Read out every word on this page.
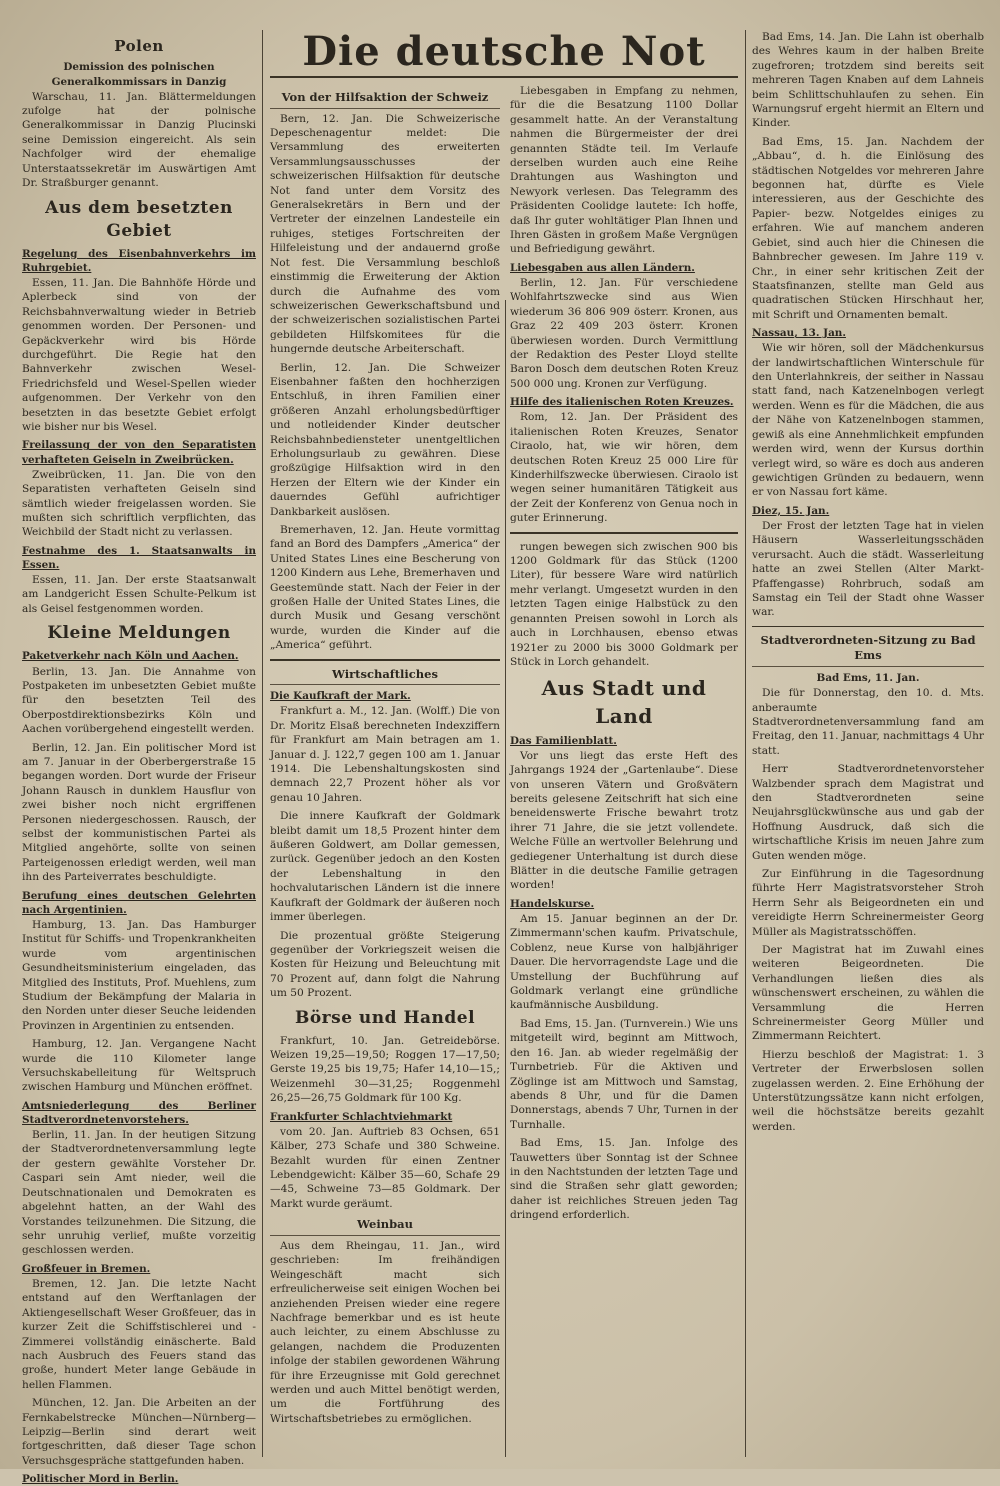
Die deutsche Not
Polen
Demission des polnischen Generalkommissars in Danzig

Warschau, 11. Jan. Blättermeldungen zufolge hat der polnische Generalkommissar in Danzig Plucinski seine Demission eingereicht. Als sein Nachfolger wird der ehemalige Unterstaatssekretär im Auswärtigen Amt Dr. Straßburger genannt.

Aus dem besetzten Gebiet
Regelung des Eisenbahnverkehrs im Ruhrgebiet.

Essen, 11. Jan. Die Bahnhöfe Hörde und Aplerbeck sind von der Reichsbahnverwaltung wieder in Betrieb genommen worden. Der Personen- und Gepäckverkehr wird bis Hörde durchgeführt. Die Regie hat den Bahnverkehr zwischen Wesel-Friedrichsfeld und Wesel-Spellen wieder aufgenommen. Der Verkehr von den besetzten in das besetzte Gebiet erfolgt wie bisher nur bis Wesel.

Freilassung der von den Separatisten verhafteten Geiseln in Zweibrücken.

Zweibrücken, 11. Jan. Die von den Separatisten verhafteten Geiseln sind sämtlich wieder freigelassen worden. Sie mußten sich schriftlich verpflichten, das Weichbild der Stadt nicht zu verlassen.

Festnahme des 1. Staatsanwalts in Essen.

Essen, 11. Jan. Der erste Staatsanwalt am Landgericht Essen Schulte-Pelkum ist als Geisel festgenommen worden.

Kleine Meldungen
Paketverkehr nach Köln und Aachen.

Berlin, 13. Jan. Die Annahme von Postpaketen im unbesetzten Gebiet mußte für den besetzten Teil des Oberpostdirektionsbezirks Köln und Aachen vorübergehend eingestellt werden.

Berlin, 12. Jan. Ein politischer Mord ist am 7. Januar in der Oberbergerstraße 15 begangen worden. Dort wurde der Friseur Johann Rausch in dunklem Hausflur von zwei bisher noch nicht ergriffenen Personen niedergeschossen. Rausch, der selbst der kommunistischen Partei als Mitglied angehörte, sollte von seinen Parteigenossen erledigt werden, weil man ihn des Parteiverrates beschuldigte.

Berufung eines deutschen Gelehrten nach Argentinien.

Hamburg, 13. Jan. Das Hamburger Institut für Schiffs- und Tropenkrankheiten wurde vom argentinischen Gesundheitsministerium eingeladen, das Mitglied des Instituts, Prof. Muehlens, zum Studium der Bekämpfung der Malaria in den Norden unter dieser Seuche leidenden Provinzen in Argentinien zu entsenden.

Hamburg, 12. Jan. Vergangene Nacht wurde die 110 Kilometer lange Versuchskabelleitung für Weltspruch zwischen Hamburg und München eröffnet.

Amtsniederlegung des Berliner Stadtverordnetenvorstehers.

Berlin, 11. Jan. In der heutigen Sitzung der Stadtverordnetenversammlung legte der gestern gewählte Vorsteher Dr. Caspari sein Amt nieder, weil die Deutschnationalen und Demokraten es abgelehnt hatten, an der Wahl des Vorstandes teilzunehmen. Die Sitzung, die sehr unruhig verlief, mußte vorzeitig geschlossen werden.

Großfeuer in Bremen.

Bremen, 12. Jan. Die letzte Nacht entstand auf den Werftanlagen der Aktiengesellschaft Weser Großfeuer, das in kurzer Zeit die Schiffstischlerei und -Zimmerei vollständig einäscherte. Bald nach Ausbruch des Feuers stand das große, hundert Meter lange Gebäude in hellen Flammen.

München, 12. Jan. Die Arbeiten an der Fernkabelstrecke München—Nürnberg—Leipzig—Berlin sind derart weit fortgeschritten, daß dieser Tage schon Versuchsgespräche stattgefunden haben.

Politischer Mord in Berlin.
Von der Hilfsaktion der Schweiz

Bern, 12. Jan. Die Schweizerische Depeschenagentur meldet: Die Versammlung des erweiterten Versammlungsausschusses der schweizerischen Hilfsaktion für deutsche Not fand unter dem Vorsitz des Generalsekretärs in Bern und der Vertreter der einzelnen Landesteile ein ruhiges, stetiges Fortschreiten der Hilfeleistung und der andauernd große Not fest. Die Versammlung beschloß einstimmig die Erweiterung der Aktion durch die Aufnahme des vom schweizerischen Gewerkschaftsbund und der schweizerischen sozialistischen Partei gebildeten Hilfskomitees für die hungernde deutsche Arbeiterschaft.

Berlin, 12. Jan. Die Schweizer Eisenbahner faßten den hochherzigen Entschluß, in ihren Familien einer größeren Anzahl erholungsbedürftiger und notleidender Kinder deutscher Reichsbahnbediensteter unentgeltlichen Erholungsurlaub zu gewähren. Diese großzügige Hilfsaktion wird in den Herzen der Eltern wie der Kinder ein dauerndes Gefühl aufrichtiger Dankbarkeit auslösen.

Bremerhaven, 12. Jan. Heute vormittag fand an Bord des Dampfers „America“ der United States Lines eine Bescherung von 1200 Kindern aus Lehe, Bremerhaven und Geestemünde statt. Nach der Feier in der großen Halle der United States Lines, die durch Musik und Gesang verschönt wurde, wurden die Kinder auf die „America“ geführt.

Wirtschaftliches
Die Kaufkraft der Mark.

Frankfurt a. M., 12. Jan. (Wolff.) Die von Dr. Moritz Elsaß berechneten Indexziffern für Frankfurt am Main betragen am 1. Januar d. J. 122,7 gegen 100 am 1. Januar 1914. Die Lebenshaltungskosten sind demnach 22,7 Prozent höher als vor genau 10 Jahren.

Die innere Kaufkraft der Goldmark bleibt damit um 18,5 Prozent hinter dem äußeren Goldwert, am Dollar gemessen, zurück. Gegenüber jedoch an den Kosten der Lebenshaltung in den hochvalutarischen Ländern ist die innere Kaufkraft der Goldmark der äußeren noch immer überlegen.

Die prozentual größte Steigerung gegenüber der Vorkriegszeit weisen die Kosten für Heizung und Beleuchtung mit 70 Prozent auf, dann folgt die Nahrung um 50 Prozent.

Börse und Handel

Frankfurt, 10. Jan. Getreidebörse. Weizen 19,25—19,50; Roggen 17—17,50; Gerste 19,25 bis 19,75; Hafer 14,10—15,; Weizenmehl 30—31,25; Roggenmehl 26,25—26,75 Goldmark für 100 Kg.

Frankfurter Schlachtviehmarkt

vom 20. Jan. Auftrieb 83 Ochsen, 651 Kälber, 273 Schafe und 380 Schweine. Bezahlt wurden für einen Zentner Lebendgewicht: Kälber 35—60, Schafe 29—45, Schweine 73—85 Goldmark. Der Markt wurde geräumt.

Weinbau

Aus dem Rheingau, 11. Jan., wird geschrieben: Im freihändigen Weingeschäft macht sich erfreulicherweise seit einigen Wochen bei anziehenden Preisen wieder eine regere Nachfrage bemerkbar und es ist heute auch leichter, zu einem Abschlusse zu gelangen, nachdem die Produzenten infolge der stabilen gewordenen Währung für ihre Erzeugnisse mit Gold gerechnet werden und auch Mittel benötigt werden, um die Fortführung des Wirtschaftsbetriebes zu ermöglichen.

Liebesgaben in Empfang zu nehmen, für die die Besatzung 1100 Dollar gesammelt hatte. An der Veranstaltung nahmen die Bürgermeister der drei genannten Städte teil. Im Verlaufe derselben wurden auch eine Reihe Drahtungen aus Washington und Newyork verlesen. Das Telegramm des Präsidenten Coolidge lautete: Ich hoffe, daß Ihr guter wohltätiger Plan Ihnen und Ihren Gästen in großem Maße Vergnügen und Befriedigung gewährt.

Liebesgaben aus allen Ländern.

Berlin, 12. Jan. Für verschiedene Wohlfahrtszwecke sind aus Wien wiederum 36 806 909 österr. Kronen, aus Graz 22 409 203 österr. Kronen überwiesen worden. Durch Vermittlung der Redaktion des Pester Lloyd stellte Baron Dosch dem deutschen Roten Kreuz 500 000 ung. Kronen zur Verfügung.

Hilfe des italienischen Roten Kreuzes.

Rom, 12. Jan. Der Präsident des italienischen Roten Kreuzes, Senator Ciraolo, hat, wie wir hören, dem deutschen Roten Kreuz 25 000 Lire für Kinderhilfszwecke überwiesen. Ciraolo ist wegen seiner humanitären Tätigkeit aus der Zeit der Konferenz von Genua noch in guter Erinnerung.

rungen bewegen sich zwischen 900 bis 1200 Goldmark für das Stück (1200 Liter), für bessere Ware wird natürlich mehr verlangt. Umgesetzt wurden in den letzten Tagen einige Halbstück zu den genannten Preisen sowohl in Lorch als auch in Lorchhausen, ebenso etwas 1921er zu 2000 bis 3000 Goldmark per Stück in Lorch gehandelt.

Aus Stadt und Land
Das Familienblatt.

Vor uns liegt das erste Heft des Jahrgangs 1924 der „Gartenlaube“. Diese von unseren Vätern und Großvätern bereits gelesene Zeitschrift hat sich eine beneidenswerte Frische bewahrt trotz ihrer 71 Jahre, die sie jetzt vollendete. Welche Fülle an wertvoller Belehrung und gediegener Unterhaltung ist durch diese Blätter in die deutsche Familie getragen worden!

Handelskurse.

Am 15. Januar beginnen an der Dr. Zimmermann'schen kaufm. Privatschule, Coblenz, neue Kurse von halbjähriger Dauer. Die hervorragendste Lage und die Umstellung der Buchführung auf Goldmark verlangt eine gründliche kaufmännische Ausbildung.

Bad Ems, 15. Jan. (Turnverein.) Wie uns mitgeteilt wird, beginnt am Mittwoch, den 16. Jan. ab wieder regelmäßig der Turnbetrieb. Für die Aktiven und Zöglinge ist am Mittwoch und Samstag, abends 8 Uhr, und für die Damen Donnerstags, abends 7 Uhr, Turnen in der Turnhalle.

Bad Ems, 15. Jan. Infolge des Tauwetters über Sonntag ist der Schnee in den Nachtstunden der letzten Tage und sind die Straßen sehr glatt geworden; daher ist reichliches Streuen jeden Tag dringend erforderlich.

Bad Ems, 14. Jan. Die Lahn ist oberhalb des Wehres kaum in der halben Breite zugefroren; trotzdem sind bereits seit mehreren Tagen Knaben auf dem Lahneis beim Schlittschuhlaufen zu sehen. Ein Warnungsruf ergeht hiermit an Eltern und Kinder.

Bad Ems, 15. Jan. Nachdem der „Abbau“, d. h. die Einlösung des städtischen Notgeldes vor mehreren Jahre begonnen hat, dürfte es Viele interessieren, aus der Geschichte des Papier- bezw. Notgeldes einiges zu erfahren. Wie auf manchem anderen Gebiet, sind auch hier die Chinesen die Bahnbrecher gewesen. Im Jahre 119 v. Chr., in einer sehr kritischen Zeit der Staatsfinanzen, stellte man Geld aus quadratischen Stücken Hirschhaut her, mit Schrift und Ornamenten bemalt.

Nassau, 13. Jan.

Wie wir hören, soll der Mädchenkursus der landwirtschaftlichen Winterschule für den Unterlahnkreis, der seither in Nassau statt fand, nach Katzenelnbogen verlegt werden. Wenn es für die Mädchen, die aus der Nähe von Katzenelnbogen stammen, gewiß als eine Annehmlichkeit empfunden werden wird, wenn der Kursus dorthin verlegt wird, so wäre es doch aus anderen gewichtigen Gründen zu bedauern, wenn er von Nassau fort käme.

Diez, 15. Jan.

Der Frost der letzten Tage hat in vielen Häusern Wasserleitungsschäden verursacht. Auch die städt. Wasserleitung hatte an zwei Stellen (Alter Markt-Pfaffengasse) Rohrbruch, sodaß am Samstag ein Teil der Stadt ohne Wasser war.

Stadtverordneten-Sitzung zu Bad Ems
Bad Ems, 11. Jan.

Die für Donnerstag, den 10. d. Mts. anberaumte Stadtverordnetenversammlung fand am Freitag, den 11. Januar, nachmittags 4 Uhr statt.

Herr Stadtverordnetenvorsteher Walzbender sprach dem Magistrat und den Stadtverordneten seine Neujahrsglückwünsche aus und gab der Hoffnung Ausdruck, daß sich die wirtschaftliche Krisis im neuen Jahre zum Guten wenden möge.

Zur Einführung in die Tagesordnung führte Herr Magistratsvorsteher Stroh Herrn Sehr als Beigeordneten ein und vereidigte Herrn Schreinermeister Georg Müller als Magistratsschöffen.

Der Magistrat hat im Zuwahl eines weiteren Beigeordneten. Die Verhandlungen ließen dies als wünschenswert erscheinen, zu wählen die Versammlung die Herren Schreinermeister Georg Müller und Zimmermann Reichtert.

Hierzu beschloß der Magistrat: 1. 3 Vertreter der Erwerbslosen sollen zugelassen werden. 2. Eine Erhöhung der Unterstützungssätze kann nicht erfolgen, weil die höchstsätze bereits gezahlt werden.
